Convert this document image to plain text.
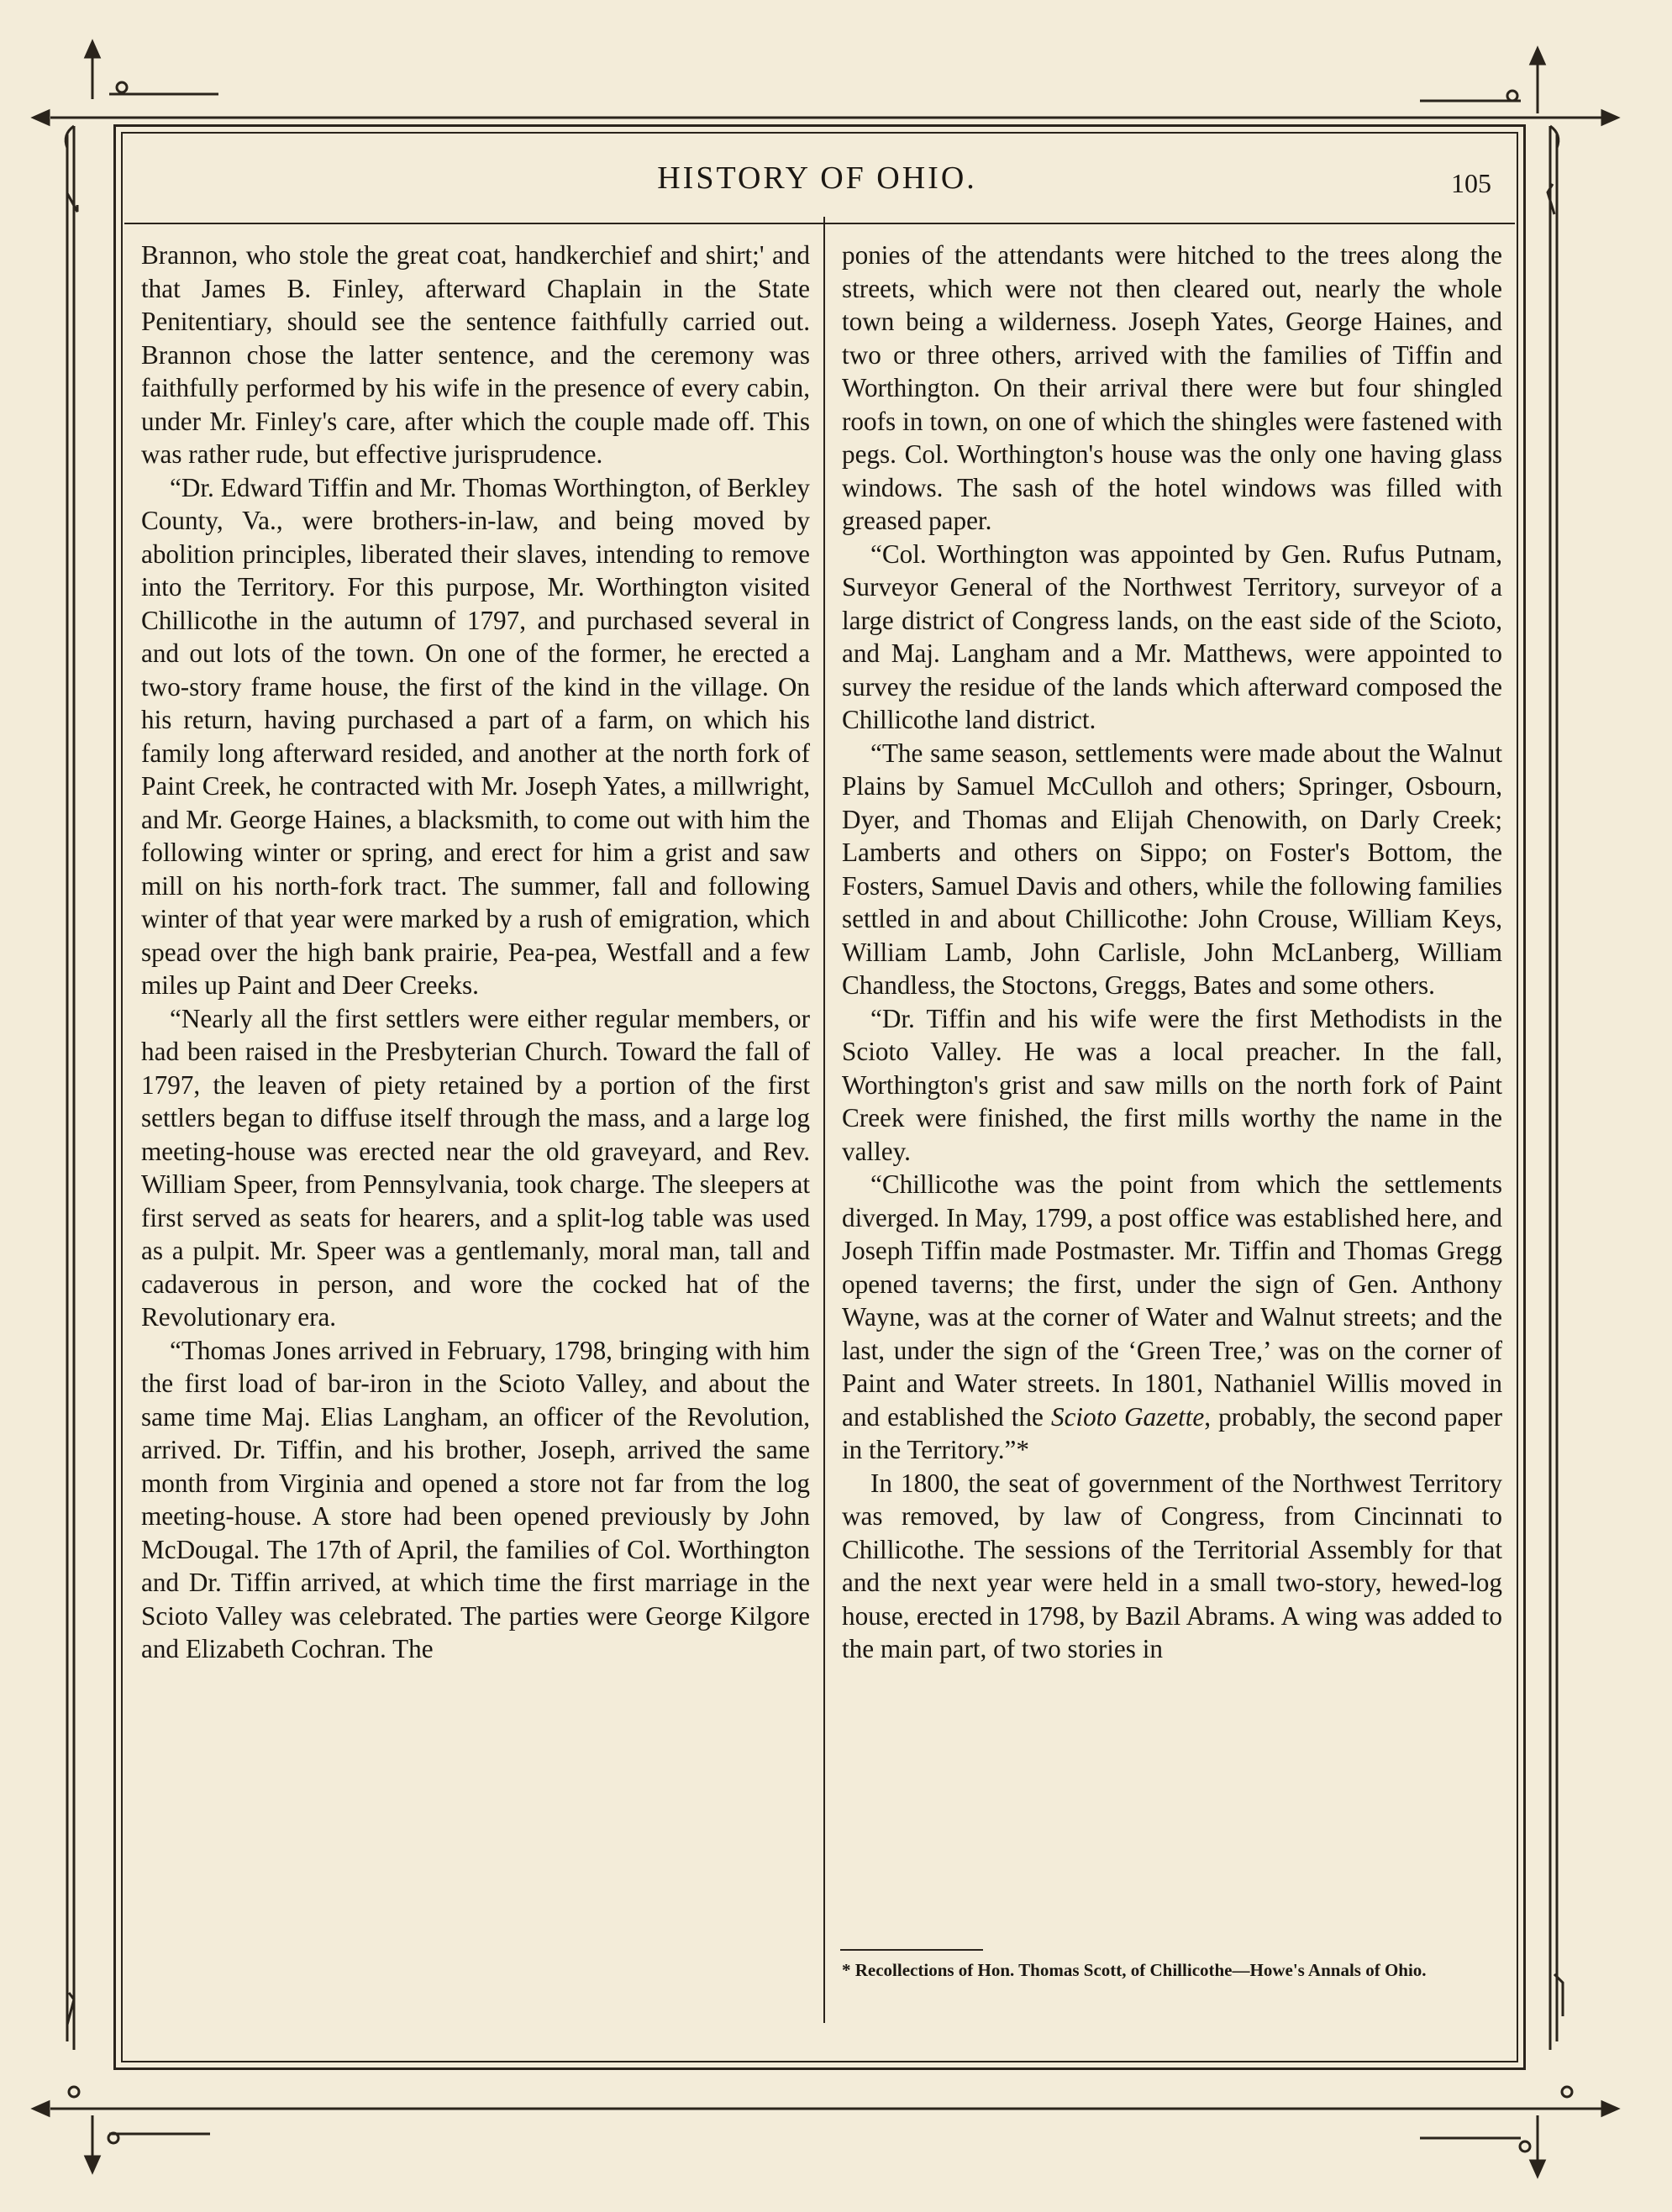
HISTORY OF OHIO.	105

Brannon, who stole the great coat, handkerchief and shirt;' and that James B. Finley, afterward Chaplain in the State Penitentiary, should see the sentence faithfully carried out. Brannon chose the latter sentence, and the ceremony was faithfully performed by his wife in the presence of every cabin, under Mr. Finley's care, after which the couple made off. This was rather rude, but effective jurisprudence.

“Dr. Edward Tiffin and Mr. Thomas Worthington, of Berkley County, Va., were brothers-in-law, and being moved by abolition principles, liberated their slaves, intending to remove into the Territory. For this purpose, Mr. Worthington visited Chillicothe in the autumn of 1797, and purchased several in and out lots of the town. On one of the former, he erected a two-story frame house, the first of the kind in the village. On his return, having purchased a part of a farm, on which his family long afterward resided, and another at the north fork of Paint Creek, he contracted with Mr. Joseph Yates, a millwright, and Mr. George Haines, a blacksmith, to come out with him the following winter or spring, and erect for him a grist and saw mill on his north-fork tract. The summer, fall and following winter of that year were marked by a rush of emigration, which spead over the high bank prairie, Pea-pea, Westfall and a few miles up Paint and Deer Creeks.

“Nearly all the first settlers were either regular members, or had been raised in the Presbyterian Church. Toward the fall of 1797, the leaven of piety retained by a portion of the first settlers began to diffuse itself through the mass, and a large log meeting-house was erected near the old graveyard, and Rev. William Speer, from Pennsylvania, took charge. The sleepers at first served as seats for hearers, and a split-log table was used as a pulpit. Mr. Speer was a gentlemanly, moral man, tall and cadaverous in person, and wore the cocked hat of the Revolutionary era.

“Thomas Jones arrived in February, 1798, bringing with him the first load of bar-iron in the Scioto Valley, and about the same time Maj. Elias Langham, an officer of the Revolution, arrived. Dr. Tiffin, and his brother, Joseph, arrived the same month from Virginia and opened a store not far from the log meeting-house. A store had been opened previously by John McDougal. The 17th of April, the families of Col. Worthington and Dr. Tiffin arrived, at which time the first marriage in the Scioto Valley was celebrated. The parties were George Kilgore and Elizabeth Cochran. The

ponies of the attendants were hitched to the trees along the streets, which were not then cleared out, nearly the whole town being a wilderness. Joseph Yates, George Haines, and two or three others, arrived with the families of Tiffin and Worthington. On their arrival there were but four shingled roofs in town, on one of which the shingles were fastened with pegs. Col. Worthington's house was the only one having glass windows. The sash of the hotel windows was filled with greased paper.

“Col. Worthington was appointed by Gen. Rufus Putnam, Surveyor General of the Northwest Territory, surveyor of a large district of Congress lands, on the east side of the Scioto, and Maj. Langham and a Mr. Matthews, were appointed to survey the residue of the lands which afterward composed the Chillicothe land district.

“The same season, settlements were made about the Walnut Plains by Samuel McCulloh and others; Springer, Osbourn, Dyer, and Thomas and Elijah Chenowith, on Darly Creek; Lamberts and others on Sippo; on Foster's Bottom, the Fosters, Samuel Davis and others, while the following families settled in and about Chillicothe: John Crouse, William Keys, William Lamb, John Carlisle, John McLanberg, William Chandless, the Stoctons, Greggs, Bates and some others.

“Dr. Tiffin and his wife were the first Methodists in the Scioto Valley. He was a local preacher. In the fall, Worthington's grist and saw mills on the north fork of Paint Creek were finished, the first mills worthy the name in the valley.

“Chillicothe was the point from which the settlements diverged. In May, 1799, a post office was established here, and Joseph Tiffin made Postmaster. Mr. Tiffin and Thomas Gregg opened taverns; the first, under the sign of Gen. Anthony Wayne, was at the corner of Water and Walnut streets; and the last, under the sign of the ‘Green Tree,’ was on the corner of Paint and Water streets. In 1801, Nathaniel Willis moved in and established the Scioto Gazette, probably, the second paper in the Territory.”*

In 1800, the seat of government of the Northwest Territory was removed, by law of Congress, from Cincinnati to Chillicothe. The sessions of the Territorial Assembly for that and the next year were held in a small two-story, hewed-log house, erected in 1798, by Bazil Abrams. A wing was added to the main part, of two stories in

* Recollections of Hon. Thomas Scott, of Chillicothe—Howe's Annals of Ohio.
